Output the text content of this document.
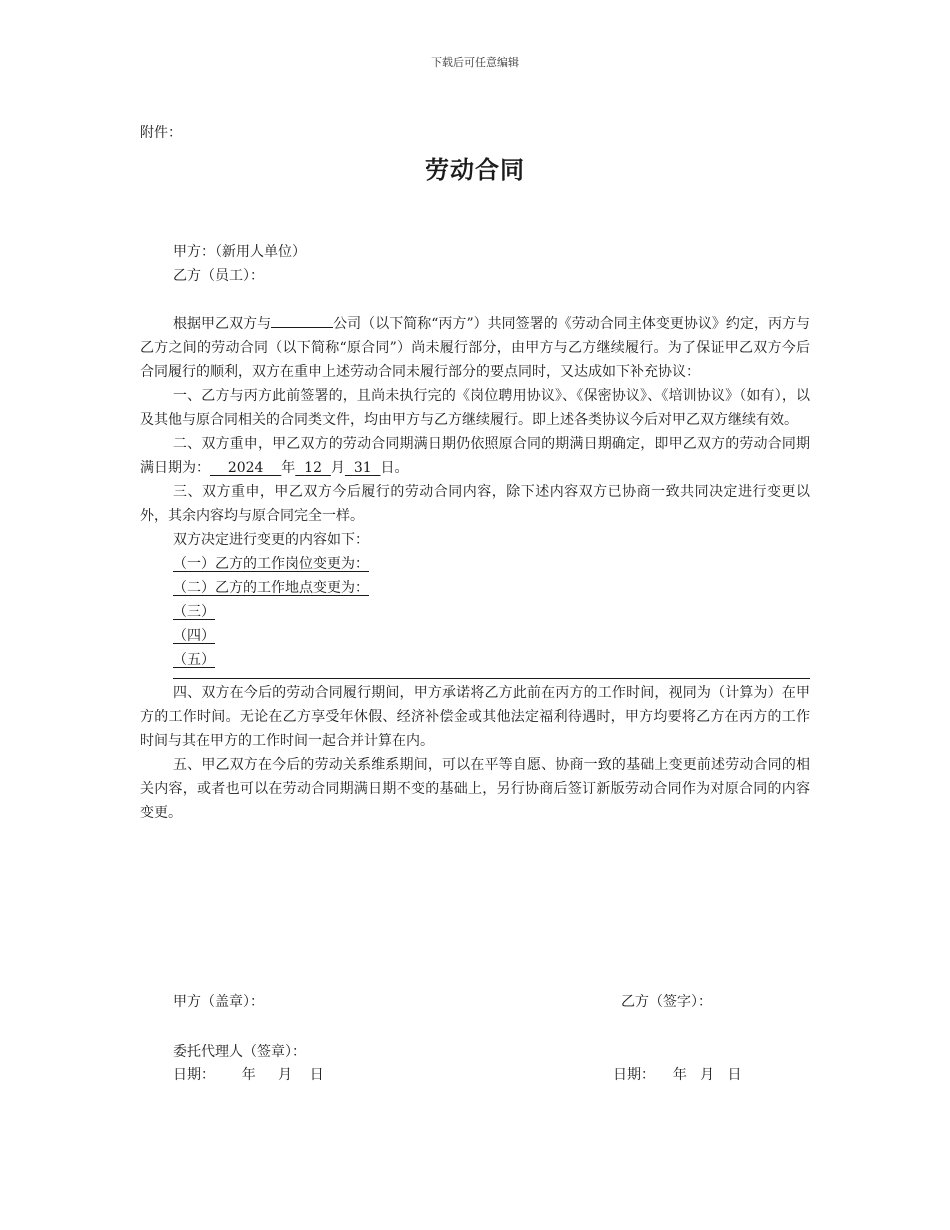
下载后可任意编辑
附件：
劳动合同

甲方：（新用人单位）

乙方（员工）：

根据甲乙双方与	公司（以下简称“丙方”）共同签署的《劳动合同主体变更协议》约定，丙方与乙方之间的劳动合同（以下简称“原合同”）尚未履行部分，由甲方与乙方继续履行。为了保证甲乙双方今后合同履行的顺利，双方在重申上述劳动合同未履行部分的要点同时，又达成如下补充协议：

一、乙方与丙方此前签署的，且尚未执行完的《岗位聘用协议》、《保密协议》、《培训协议》（如有），以及其他与原合同相关的合同类文件，均由甲方与乙方继续履行。即上述各类协议今后对甲乙双方继续有效。

二、双方重申，甲乙双方的劳动合同期满日期仍依照原合同的期满日期确定，即甲乙双方的劳动合同期满日期为： 2024 年 12 月 31 日。

三、双方重申，甲乙双方今后履行的劳动合同内容，除下述内容双方已协商一致共同决定进行变更以外，其余内容均与原合同完全一样。

双方决定进行变更的内容如下：

（一）乙方的工作岗位变更为：

（二）乙方的工作地点变更为：

（三）

（四）

（五）

四、双方在今后的劳动合同履行期间，甲方承诺将乙方此前在丙方的工作时间，视同为（计算为）在甲方的工作时间。无论在乙方享受年休假、经济补偿金或其他法定福利待遇时，甲方均要将乙方在丙方的工作时间与其在甲方的工作时间一起合并计算在内。

五、甲乙双方在今后的劳动关系维系期间，可以在平等自愿、协商一致的基础上变更前述劳动合同的相关内容，或者也可以在劳动合同期满日期不变的基础上，另行协商后签订新版劳动合同作为对原合同的内容变更。

甲方（盖章）：	乙方（签字）：
委托代理人（签章）：
日期： 年 月 日	日期： 年 月 日
